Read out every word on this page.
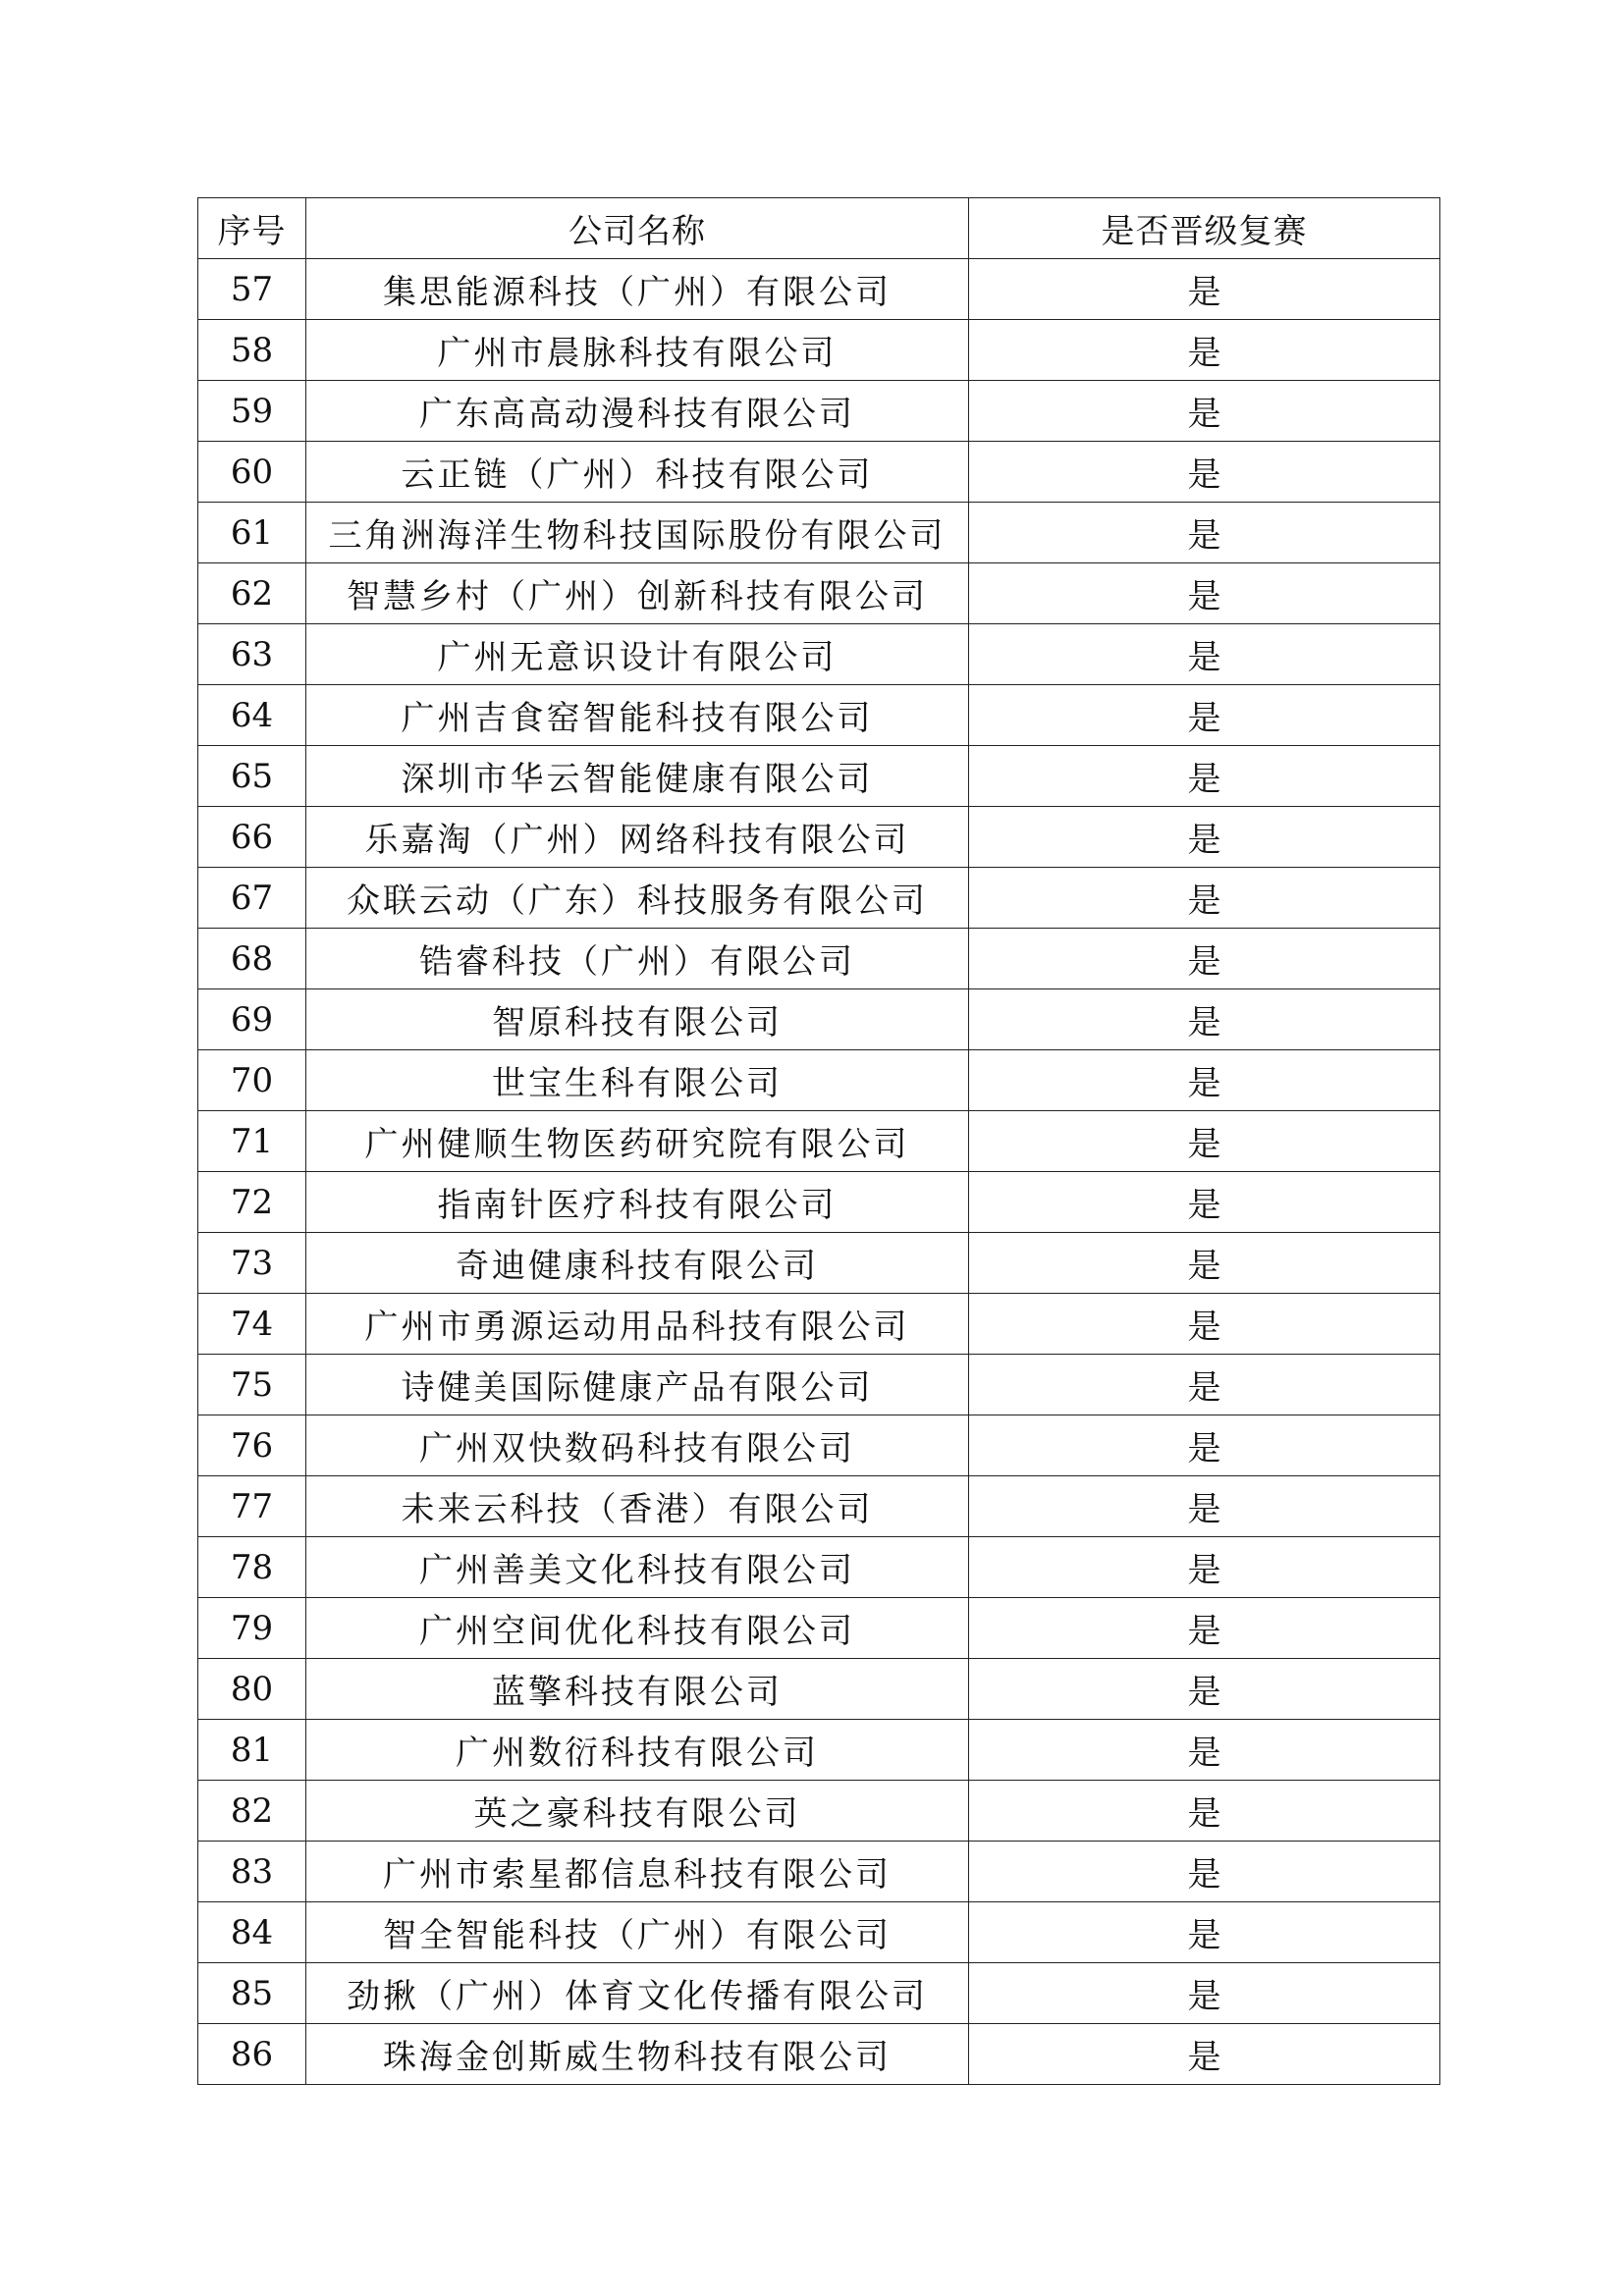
序号	公司名称	是否晋级复赛
57	集思能源科技（广州）有限公司	是
58	广州市晨脉科技有限公司	是
59	广东高高动漫科技有限公司	是
60	云正链（广州）科技有限公司	是
61	三角洲海洋生物科技国际股份有限公司	是
62	智慧乡村（广州）创新科技有限公司	是
63	广州无意识设计有限公司	是
64	广州吉食窑智能科技有限公司	是
65	深圳市华云智能健康有限公司	是
66	乐嘉淘（广州）网络科技有限公司	是
67	众联云动（广东）科技服务有限公司	是
68	锆睿科技（广州）有限公司	是
69	智原科技有限公司	是
70	世宝生科有限公司	是
71	广州健顺生物医药研究院有限公司	是
72	指南针医疗科技有限公司	是
73	奇迪健康科技有限公司	是
74	广州市勇源运动用品科技有限公司	是
75	诗健美国际健康产品有限公司	是
76	广州双快数码科技有限公司	是
77	未来云科技（香港）有限公司	是
78	广州善美文化科技有限公司	是
79	广州空间优化科技有限公司	是
80	蓝擎科技有限公司	是
81	广州数衍科技有限公司	是
82	英之豪科技有限公司	是
83	广州市索星都信息科技有限公司	是
84	智全智能科技（广州）有限公司	是
85	劲揪（广州）体育文化传播有限公司	是
86	珠海金创斯威生物科技有限公司	是
